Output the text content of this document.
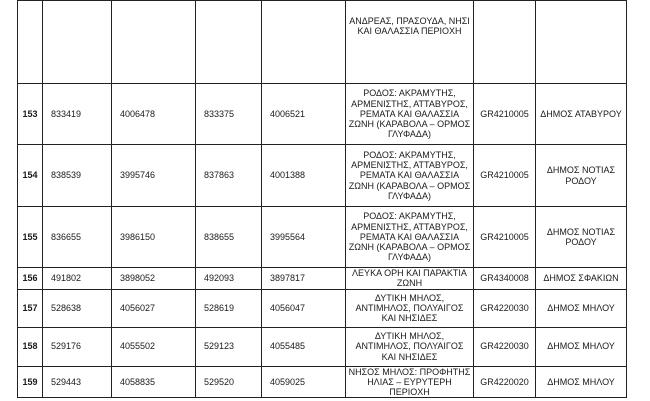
					ΑΝΔΡΕΑΣ, ΠΡΑΣΟΥΔΑ, ΝΗΣΙ ΚΑΙ ΘΑΛΑΣΣΙΑ ΠΕΡΙΟΧΗ		
153	833419	4006478	833375	4006521	ΡΟΔΟΣ: ΑΚΡΑΜΥΤΗΣ, ΑΡΜΕΝΙΣΤΗΣ, ΑΤΤΑΒΥΡΟΣ, ΡΕΜΑΤΑ ΚΑΙ ΘΑΛΑΣΣΙΑ ΖΩΝΗ (ΚΑΡΑΒΟΛΑ – ΟΡΜΟΣ ΓΛΥΦΑΔΑ)	GR4210005	ΔΗΜΟΣ ΑΤΑΒΥΡΟΥ
154	838539	3995746	837863	4001388	ΡΟΔΟΣ: ΑΚΡΑΜΥΤΗΣ, ΑΡΜΕΝΙΣΤΗΣ, ΑΤΤΑΒΥΡΟΣ, ΡΕΜΑΤΑ ΚΑΙ ΘΑΛΑΣΣΙΑ ΖΩΝΗ (ΚΑΡΑΒΟΛΑ – ΟΡΜΟΣ ΓΛΥΦΑΔΑ)	GR4210005	ΔΗΜΟΣ ΝΟΤΙΑΣ ΡΟΔΟΥ
155	836655	3986150	838655	3995564	ΡΟΔΟΣ: ΑΚΡΑΜΥΤΗΣ, ΑΡΜΕΝΙΣΤΗΣ, ΑΤΤΑΒΥΡΟΣ, ΡΕΜΑΤΑ ΚΑΙ ΘΑΛΑΣΣΙΑ ΖΩΝΗ (ΚΑΡΑΒΟΛΑ – ΟΡΜΟΣ ΓΛΥΦΑΔΑ)	GR4210005	ΔΗΜΟΣ ΝΟΤΙΑΣ ΡΟΔΟΥ
156	491802	3898052	492093	3897817	ΛΕΥΚΑ ΟΡΗ ΚΑΙ ΠΑΡΑΚΤΙΑ ΖΩΝΗ	GR4340008	ΔΗΜΟΣ ΣΦΑΚΙΩΝ
157	528638	4056027	528619	4056047	ΔΥΤΙΚΗ ΜΗΛΟΣ, ΑΝΤΙΜΗΛΟΣ, ΠΟΛΥΑΙΓΟΣ ΚΑΙ ΝΗΣΙΔΕΣ	GR4220030	ΔΗΜΟΣ ΜΗΛΟΥ
158	529176	4055502	529123	4055485	ΔΥΤΙΚΗ ΜΗΛΟΣ, ΑΝΤΙΜΗΛΟΣ, ΠΟΛΥΑΙΓΟΣ ΚΑΙ ΝΗΣΙΔΕΣ	GR4220030	ΔΗΜΟΣ ΜΗΛΟΥ
159	529443	4058835	529520	4059025	ΝΗΣΟΣ ΜΗΛΟΣ: ΠΡΟΦΗΤΗΣ ΗΛΙΑΣ – ΕΥΡΥΤΕΡΗ ΠΕΡΙΟΧΗ	GR4220020	ΔΗΜΟΣ ΜΗΛΟΥ
